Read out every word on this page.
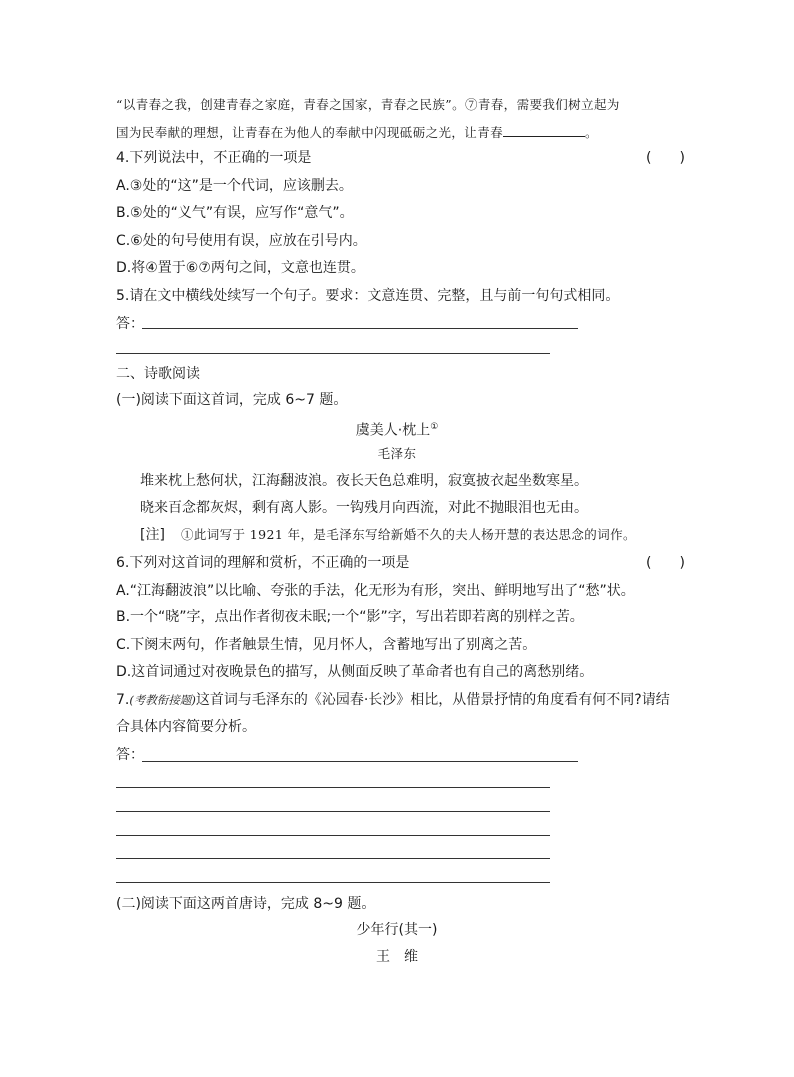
“以青春之我，创建青春之家庭，青春之国家，青春之民族”。⑦青春，需要我们树立起为
国为民奉献的理想，让青春在为他人的奉献中闪现砥砺之光，让青春	。
4.下列说法中，不正确的一项是	(　　)
A.③处的“这”是一个代词，应该删去。
B.⑤处的“义气”有误，应写作“意气”。
C.⑥处的句号使用有误，应放在引号内。
D.将④置于⑥⑦两句之间，文意也连贯。
5.请在文中横线处续写一个句子。要求：文意连贯、完整，且与前一句句式相同。
答：
二、诗歌阅读
(一)阅读下面这首词，完成 6~7 题。
虞美人·枕上①
毛泽东
堆来枕上愁何状，江海翻波浪。夜长天色总难明，寂寞披衣起坐数寒星。
晓来百念都灰烬，剩有离人影。一钩残月向西流，对此不抛眼泪也无由。
[注] ①此词写于 1921 年，是毛泽东写给新婚不久的夫人杨开慧的表达思念的词作。
6.下列对这首词的理解和赏析，不正确的一项是	(　　)
A.“江海翻波浪”以比喻、夸张的手法，化无形为有形，突出、鲜明地写出了“愁”状。
B.一个“晓”字，点出作者彻夜未眠;一个“影”字，写出若即若离的别样之苦。
C.下阕末两句，作者触景生情，见月怀人，含蓄地写出了别离之苦。
D.这首词通过对夜晚景色的描写，从侧面反映了革命者也有自己的离愁别绪。
7.(考教衔接题)这首词与毛泽东的《沁园春·长沙》相比，从借景抒情的角度看有何不同?请结
合具体内容简要分析。
答：
(二)阅读下面这两首唐诗，完成 8~9 题。
少年行(其一)
王　维
